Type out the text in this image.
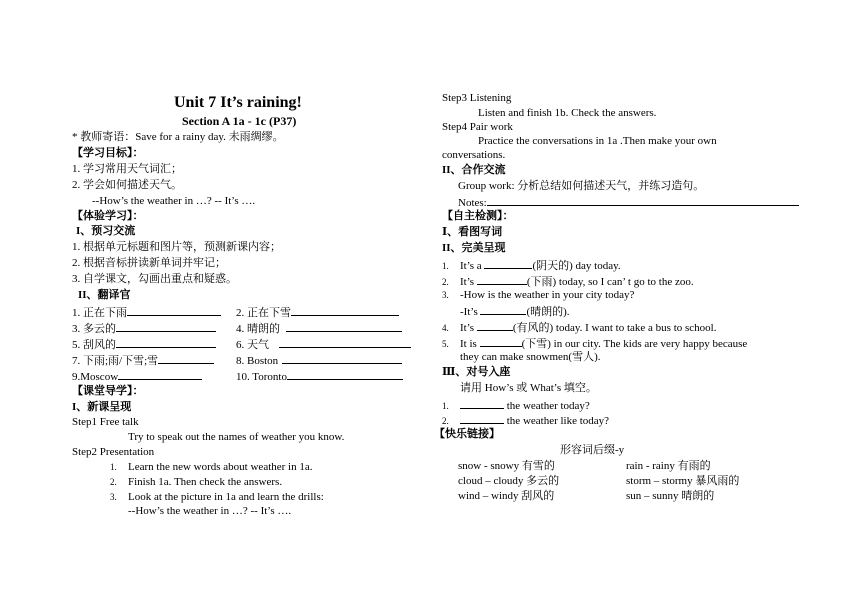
Unit 7 It’s raining!
Section A 1a - 1c (P37)
* 教师寄语：Save for a rainy day. 未雨绸缪。
【学习目标】：
1. 学习常用天气词汇；
2. 学会如何描述天气。
--How’s the weather in …? -- It’s ….
【体验学习】：
I、预习交流
1. 根据单元标题和图片等，预测新课内容；
2. 根据音标拼读新单词并牢记；
3. 自学课文，勾画出重点和疑惑。
II、翻译官
1. 正在下雨	2. 正在下雪
3. 多云的	4. 晴朗的
5. 刮风的	6. 天气
7. 下雨;雨/下雪;雪	8. Boston
9.Moscow	10. Toronto
【课堂导学】：
I、新课呈现
Step1 Free talk
Try to speak out the names of weather you know.
Step2 Presentation
1. Learn the new words about weather in 1a.
2. Finish 1a. Then check the answers.
3. Look at the picture in 1a and learn the drills:
--How’s the weather in …? -- It’s ….
Step3 Listening
Listen and finish 1b. Check the answers.
Step4 Pair work
Practice the conversations in 1a .Then make your own
conversations.
II、合作交流
Group work: 分析总结如何描述天气，并练习造句。
Notes:
【自主检测】：
Ⅰ、看图写词
II、完美呈现
1. It’s a	(阴天的) day today.
2. It’s	(下雨) today, so I can’ t go to the zoo.
3. -How is the weather in your city today?
-It’s	(晴朗的).
4. It’s	(有风的) today. I want to take a bus to school.
5. It is	(下雪) in our city. The kids are very happy because
they can make snowmen(雪人).
Ⅲ、对号入座
请用 How’s 或 What’s 填空。
1.	the weather today?
2.	the weather like today?
【快乐链接】
形容词后缀-y
snow - snowy 有雪的	rain - rainy 有雨的
cloud – cloudy 多云的	storm – stormy 暴风雨的
wind – windy 刮风的	sun – sunny 晴朗的
